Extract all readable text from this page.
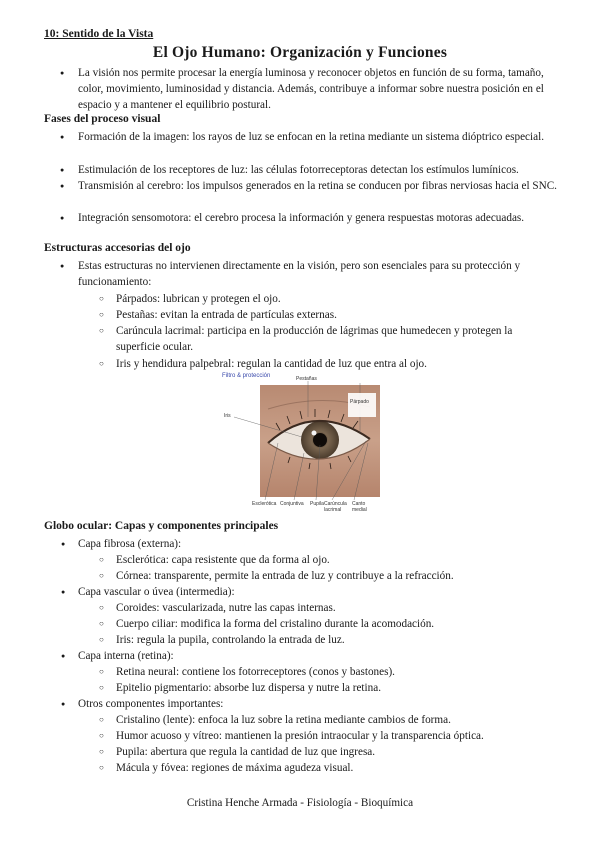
10: Sentido de la Vista
El Ojo Humano: Organización y Funciones
● La visión nos permite procesar la energía luminosa y reconocer objetos en función de su forma, tamaño, color, movimiento, luminosidad y distancia. Además, contribuye a informar sobre nuestra posición en el espacio y a mantener el equilibrio postural.
Fases del proceso visual
● Formación de la imagen: los rayos de luz se enfocan en la retina mediante un sistema dióptrico especial.
● Estimulación de los receptores de luz: las células fotorreceptoras detectan los estímulos lumínicos.
● Transmisión al cerebro: los impulsos generados en la retina se conducen por fibras nerviosas hacia el SNC.
● Integración sensomotora: el cerebro procesa la información y genera respuestas motoras adecuadas.
Estructuras accesorias del ojo
● Estas estructuras no intervienen directamente en la visión, pero son esenciales para su protección y funcionamiento:
○ Párpados: lubrican y protegen el ojo.
○ Pestañas: evitan la entrada de partículas externas.
○ Carúncula lacrimal: participa en la producción de lágrimas que humedecen y protegen la superficie ocular.
○ Iris y hendidura palpebral: regulan la cantidad de luz que entra al ojo.
Filtro & protección	Pestañas
Párpado
Iris
Esclerótica Conjuntiva Pupila Carúncula lacrimal
Canto medial
Globo ocular: Capas y componentes principales
● Capa fibrosa (externa):
○ Esclerótica: capa resistente que da forma al ojo.
○ Córnea: transparente, permite la entrada de luz y contribuye a la refracción.
● Capa vascular o úvea (intermedia):
○ Coroides: vascularizada, nutre las capas internas.
○ Cuerpo ciliar: modifica la forma del cristalino durante la acomodación.
○ Iris: regula la pupila, controlando la entrada de luz.
● Capa interna (retina):
○ Retina neural: contiene los fotorreceptores (conos y bastones).
○ Epitelio pigmentario: absorbe luz dispersa y nutre la retina.
● Otros componentes importantes:
○ Cristalino (lente): enfoca la luz sobre la retina mediante cambios de forma.
○ Humor acuoso y vítreo: mantienen la presión intraocular y la transparencia óptica.
○ Pupila: abertura que regula la cantidad de luz que ingresa.
○ Mácula y fóvea: regiones de máxima agudeza visual.
Cristina Henche Armada - Fisiología - Bioquímica
